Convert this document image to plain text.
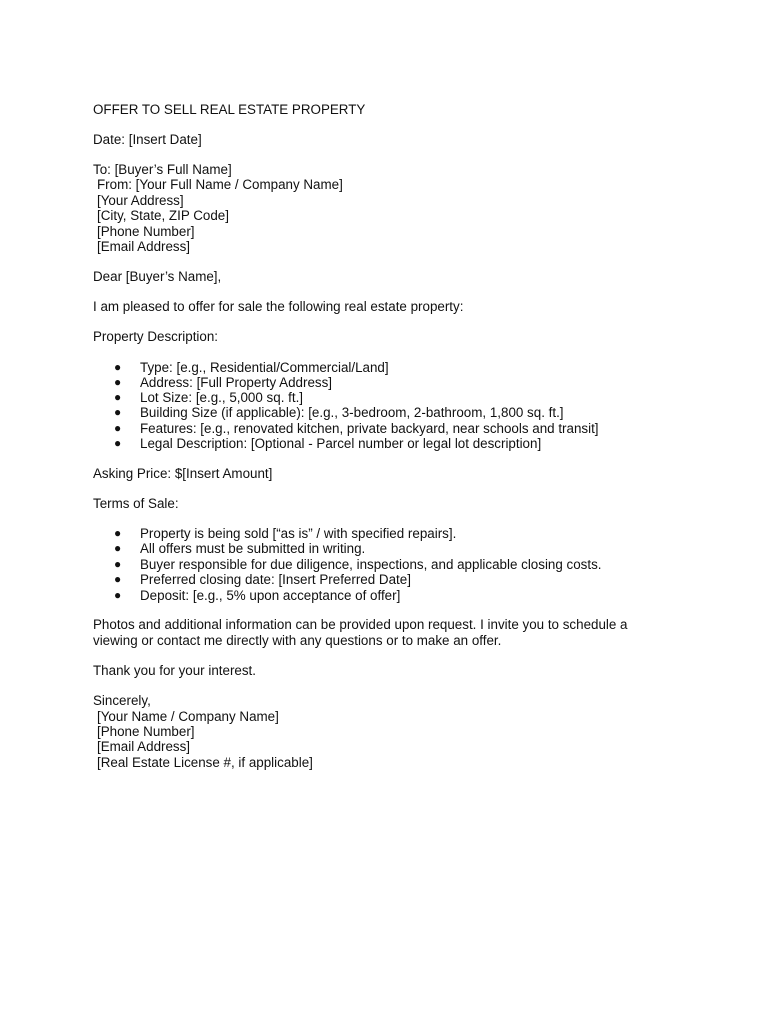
OFFER TO SELL REAL ESTATE PROPERTY
Date: [Insert Date]
To: [Buyer’s Full Name]
From: [Your Full Name / Company Name]
[Your Address]
[City, State, ZIP Code]
[Phone Number]
[Email Address]
Dear [Buyer’s Name],
I am pleased to offer for sale the following real estate property:
Property Description:
● Type: [e.g., Residential/Commercial/Land]
● Address: [Full Property Address]
● Lot Size: [e.g., 5,000 sq. ft.]
● Building Size (if applicable): [e.g., 3-bedroom, 2-bathroom, 1,800 sq. ft.]
● Features: [e.g., renovated kitchen, private backyard, near schools and transit]
● Legal Description: [Optional - Parcel number or legal lot description]
Asking Price: $[Insert Amount]
Terms of Sale:
● Property is being sold [“as is” / with specified repairs].
● All offers must be submitted in writing.
● Buyer responsible for due diligence, inspections, and applicable closing costs.
● Preferred closing date: [Insert Preferred Date]
● Deposit: [e.g., 5% upon acceptance of offer]
Photos and additional information can be provided upon request. I invite you to schedule a
viewing or contact me directly with any questions or to make an offer.
Thank you for your interest.
Sincerely,
[Your Name / Company Name]
[Phone Number]
[Email Address]
[Real Estate License #, if applicable]
